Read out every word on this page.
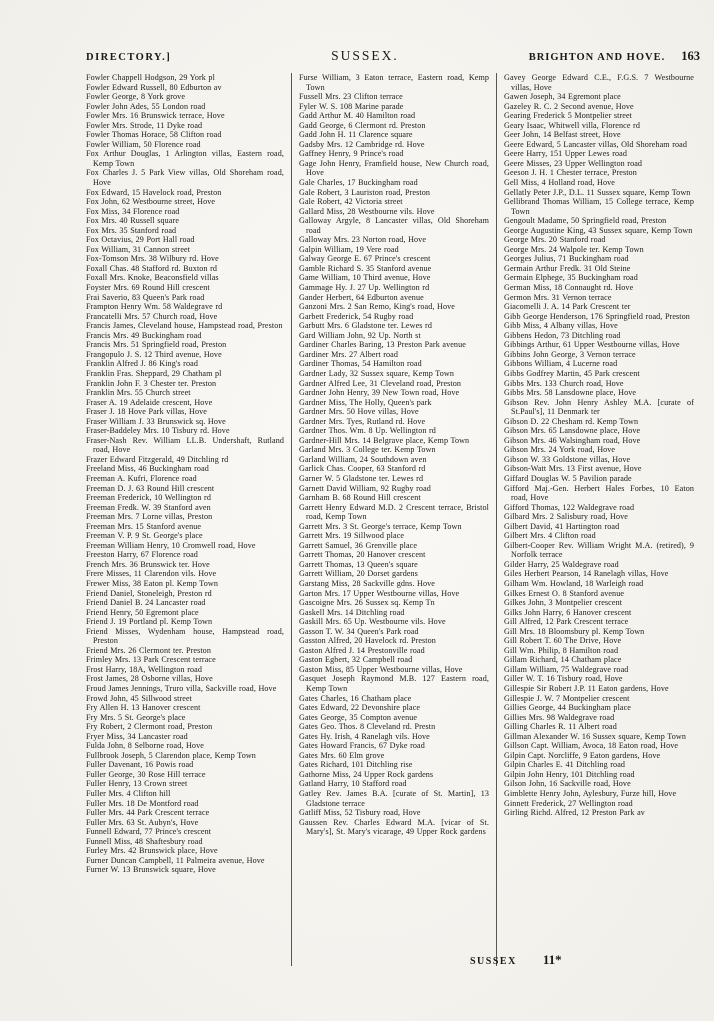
DIRECTORY.]	SUSSEX.	BRIGHTON AND HOVE. 163

Fowler Chappell Hodgson, 29 York pl

Fowler Edward Russell, 80 Edburton av

Fowler George, 8 York grove

Fowler John Ades, 55 London road

Fowler Mrs. 16 Brunswick terrace, Hove

Fowler Mrs. Strode, 11 Dyke road

Fowler Thomas Horace, 58 Clifton road

Fowler William, 50 Florence road

Fox Arthur Douglas, 1 Arlington villas, Eastern road, Kemp Town

Fox Charles J. 5 Park View villas, Old Shoreham road, Hove

Fox Edward, 15 Havelock road, Preston

Fox John, 62 Westbourne street, Hove

Fox Miss, 34 Florence road

Fox Mrs. 40 Russell square

Fox Mrs. 35 Stanford road

Fox Octavius, 29 Port Hall road

Fox William, 31 Cannon street

Fox-Tomson Mrs. 38 Wilbury rd. Hove

Foxall Chas. 48 Stafford rd. Buxton rd

Foxall Mrs. Knoke, Beaconsfield villas

Foyster Mrs. 69 Round Hill crescent

Frai Saverio, 83 Queen's Park road

Frampton Henry Wm. 58 Waldegrave rd

Francatelli Mrs. 57 Church road, Hove

Francis James, Cleveland house, Hampstead road, Preston

Francis Mrs. 49 Buckingham road

Francis Mrs. 51 Springfield road, Preston

Frangopulo J. S. 12 Third avenue, Hove

Franklin Alfred J. 86 King's road

Franklin Fras. Sheppard, 29 Chatham pl

Franklin John F. 3 Chester ter. Preston

Franklin Mrs. 55 Church street

Fraser A. 19 Adelaide crescent, Hove

Fraser J. 18 Hove Park villas, Hove

Fraser William J. 33 Brunswick sq. Hove

Fraser-Baddeley Mrs. 10 Tisbury rd. Hove

Fraser-Nash Rev. William LL.B. Undershaft, Rutland road, Hove

Frazer Edward Fitzgerald, 49 Ditchling rd

Freeland Miss, 46 Buckingham road

Freeman A. Kufri, Florence road

Freeman D. J. 63 Round Hill crescent

Freeman Frederick, 10 Wellington rd

Freeman Fredk. W. 39 Stanford aven

Freeman Mrs. 7 Lorne villas, Preston

Freeman Mrs. 15 Stanford avenue

Freeman V. P. 9 St. George's place

Freeman William Henry, 10 Cromwell road, Hove

Freeston Harry, 67 Florence road

French Mrs. 36 Brunswick ter. Hove

Frere Misses, 11 Clarendon vils. Hove

Frewer Miss, 38 Eaton pl. Kemp Town

Friend Daniel, Stoneleigh, Preston rd

Friend Daniel B. 24 Lancaster road

Friend Henry, 50 Egremont place

Friend J. 19 Portland pl. Kemp Town

Friend Misses, Wydenham house, Hampstead road, Preston

Friend Mrs. 26 Clermont ter. Preston

Frimley Mrs. 13 Park Crescent terrace

Frost Harry, 18A, Wellington road

Frost James, 28 Osborne villas, Hove

Froud James Jennings, Truro villa, Sackville road, Hove

Frowd John, 45 Sillwood street

Fry Allen H. 13 Hanover crescent

Fry Mrs. 5 St. George's place

Fry Robert, 2 Clermont road, Preston

Fryer Miss, 34 Lancaster road

Fulda John, 8 Selborne road, Hove

Fullbrook Joseph, 5 Clarendon place, Kemp Town

Fuller Davenant, 16 Powis road

Fuller George, 30 Rose Hill terrace

Fuller Henry, 13 Crown street

Fuller Mrs. 4 Clifton hill

Fuller Mrs. 18 De Montford road

Fuller Mrs. 44 Park Crescent terrace

Fuller Mrs. 63 St. Aubyn's, Hove

Funnell Edward, 77 Prince's crescent

Funnell Miss, 48 Shaftesbury road

Furley Mrs. 42 Brunswick place, Hove

Furner Duncan Campbell, 11 Palmeira avenue, Hove

Furner W. 13 Brunswick square, Hove

Furse William, 3 Eaton terrace, Eastern road, Kemp Town

Fussell Mrs. 23 Clifton terrace

Fyler W. S. 108 Marine parade

Gadd Arthur M. 40 Hamilton road

Gadd George, 6 Clermont rd. Preston

Gadd John H. 11 Clarence square

Gadsby Mrs. 12 Cambridge rd. Hove

Gaffney Henry, 9 Prince's road

Gage John Henry, Framfield house, New Church road, Hove

Gale Charles, 17 Buckingham road

Gale Robert, 3 Lauriston road, Preston

Gale Robert, 42 Victoria street

Gallard Miss, 28 Westbourne vils. Hove

Galloway Argyle, 8 Lancaster villas, Old Shoreham road

Galloway Mrs. 23 Norton road, Hove

Galpin William, 19 Vere road

Galway George E. 67 Prince's crescent

Gamble Richard S. 35 Stanford avenue

Game William, 10 Third avenue, Hove

Gammage Hy. J. 27 Up. Wellington rd

Gander Herbert, 64 Edburton avenue

Ganzoni Mrs. 2 San Remo, King's road, Hove

Garbett Frederick, 54 Rugby road

Garbutt Mrs. 6 Gladstone ter. Lewes rd

Gard William John, 92 Up. North st

Gardiner Charles Baring, 13 Preston Park avenue

Gardiner Mrs. 27 Albert road

Gardiner Thomas, 54 Hamilton road

Gardner Lady, 32 Sussex square, Kemp Town

Gardner Alfred Lee, 31 Cleveland road, Preston

Gardner John Henry, 39 New Town road, Hove

Gardner Miss, The Holly, Queen's park

Gardner Mrs. 50 Hove villas, Hove

Gardner Mrs. Tyes, Rutland rd. Hove

Gardner Thos. Wm. 8 Up. Wellington rd

Gardner-Hill Mrs. 14 Belgrave place, Kemp Town

Garland Mrs. 3 College ter. Kemp Town

Garland William, 24 Southdown aven

Garlick Chas. Cooper, 63 Stanford rd

Garner W. 5 Gladstone ter. Lewes rd

Garnett David William, 92 Rugby road

Garnham B. 68 Round Hill crescent

Garrett Henry Edward M.D. 2 Crescent terrace, Bristol road, Kemp Town

Garrett Mrs. 3 St. George's terrace, Kemp Town

Garrett Mrs. 19 Sillwood place

Garrett Samuel, 36 Grenville place

Garrett Thomas, 20 Hanover crescent

Garrett Thomas, 13 Queen's square

Garrett William, 20 Dorset gardens

Garstang Miss, 28 Sackville gdns. Hove

Garton Mrs. 17 Upper Westbourne villas, Hove

Gascoigne Mrs. 26 Sussex sq. Kemp Tn

Gaskell Mrs. 14 Ditchling road

Gaskill Mrs. 65 Up. Westbourne vils. Hove

Gasson T. W. 34 Queen's Park road

Gasston Alfred, 20 Havelock rd. Preston

Gaston Alfred J. 14 Prestonville road

Gaston Egbert, 32 Campbell road

Gaston Miss, 85 Upper Westbourne villas, Hove

Gasquet Joseph Raymond M.B. 127 Eastern road, Kemp Town

Gates Charles, 16 Chatham place

Gates Edward, 22 Devonshire place

Gates George, 35 Compton avenue

Gates Geo. Thos. 8 Cleveland rd. Prestn

Gates Hy. Irish, 4 Ranelagh vils. Hove

Gates Howard Francis, 67 Dyke road

Gates Mrs. 60 Elm grove

Gates Richard, 101 Ditchling rise

Gathorne Miss, 24 Upper Rock gardens

Gatland Harry, 10 Stafford road

Gatley Rev. James B.A. [curate of St. Martin], 13 Gladstone terrace

Gatliff Miss, 52 Tisbury road, Hove

Gaussen Rev. Charles Edward M.A. [vicar of St. Mary's], St. Mary's vicarage, 49 Upper Rock gardens

Gavey George Edward C.E., F.G.S. 7 Westbourne villas, Hove

Gawen Joseph, 34 Egremont place

Gazeley R. C. 2 Second avenue, Hove

Gearing Frederick 5 Montpelier street

Geary Isaac, Whitwell villa, Florence rd

Geer John, 14 Belfast street, Hove

Geere Edward, 5 Lancaster villas, Old Shoreham road

Geere Harry, 151 Upper Lewes road

Geere Misses, 23 Upper Wellington road

Geeson J. H. 1 Chester terrace, Preston

Gell Miss, 4 Holland road, Hove

Gellatly Peter J.P., D.L. 11 Sussex square, Kemp Town

Gellibrand Thomas William, 15 College terrace, Kemp Town

Gengoult Madame, 50 Springfield road, Preston

George Augustine King, 43 Sussex square, Kemp Town

George Mrs. 20 Stanford road

George Mrs. 24 Walpole ter. Kemp Town

Georges Julius, 71 Buckingham road

Germain Arthur Fredk. 31 Old Steine

Germain Elphege, 35 Buckingham road

German Miss, 18 Connaught rd. Hove

Germon Mrs. 31 Vernon terrace

Giacomelli J. A. 14 Park Crescent ter

Gibb George Henderson, 176 Springfield road, Preston

Gibb Miss, 4 Albany villas, Hove

Gibbens Hedon, 73 Ditchling road

Gibbings Arthur, 61 Upper Westbourne villas, Hove

Gibbins John George, 3 Vernon terrace

Gibbons William, 4 Lucerne road

Gibbs Godfrey Martin, 45 Park crescent

Gibbs Mrs. 133 Church road, Hove

Gibbs Mrs. 58 Lansdowne place, Hove

Gibson Rev. John Henry Ashley M.A. [curate of St.Paul's], 11 Denmark ter

Gibson D. 22 Chesham rd. Kemp Town

Gibson Mrs. 65 Lansdowne place, Hove

Gibson Mrs. 46 Walsingham road, Hove

Gibson Mrs. 24 York road, Hove

Gibson W. 33 Goldstone villas, Hove

Gibson-Watt Mrs. 13 First avenue, Hove

Giffard Douglas W. 5 Pavilion parade

Gifford Maj.-Gen. Herbert Hales Forbes, 10 Eaton road, Hove

Gifford Thomas, 122 Waldegrave road

Gilbard Mrs. 2 Salisbury road, Hove

Gilbert David, 41 Hartington road

Gilbert Mrs. 4 Clifton road

Gilbert-Cooper Rev. William Wright M.A. (retired), 9 Norfolk terrace

Gilder Harry, 25 Waldegrave road

Giles Herbert Pearson, 14 Ranelagh villas, Hove

Gilham Wm. Howland, 18 Warleigh road

Gilkes Ernest O. 8 Stanford avenue

Gilkes John, 3 Montpelier crescent

Gilks John Harry, 6 Hanover crescent

Gill Alfred, 12 Park Crescent terrace

Gill Mrs. 18 Bloomsbury pl. Kemp Town

Gill Robert T. 60 The Drive, Hove

Gill Wm. Philip, 8 Hamilton road

Gillam Richard, 14 Chatham place

Gillam William, 75 Waldegrave road

Giller W. T. 16 Tisbury road, Hove

Gillespie Sir Robert J.P. 11 Eaton gardens, Hove

Gillespie J. W. 7 Montpelier crescent

Gillies George, 44 Buckingham place

Gillies Mrs. 98 Waldegrave road

Gilling Charles R. 11 Albert road

Gillman Alexander W. 16 Sussex square, Kemp Town

Gillson Capt. William, Avoca, 18 Eaton road, Hove

Gilpin Capt. Norcliffe, 9 Eaton gardens, Hove

Gilpin Charles E. 41 Ditchling road

Gilpin John Henry, 101 Ditchling road

Gilson John, 16 Sackville road, Hove

Gimblette Henry John, Aylesbury, Furze hill, Hove

Ginnett Frederick, 27 Wellington road

Girling Richd. Alfred, 12 Preston Park av

SUSSEX 11*
